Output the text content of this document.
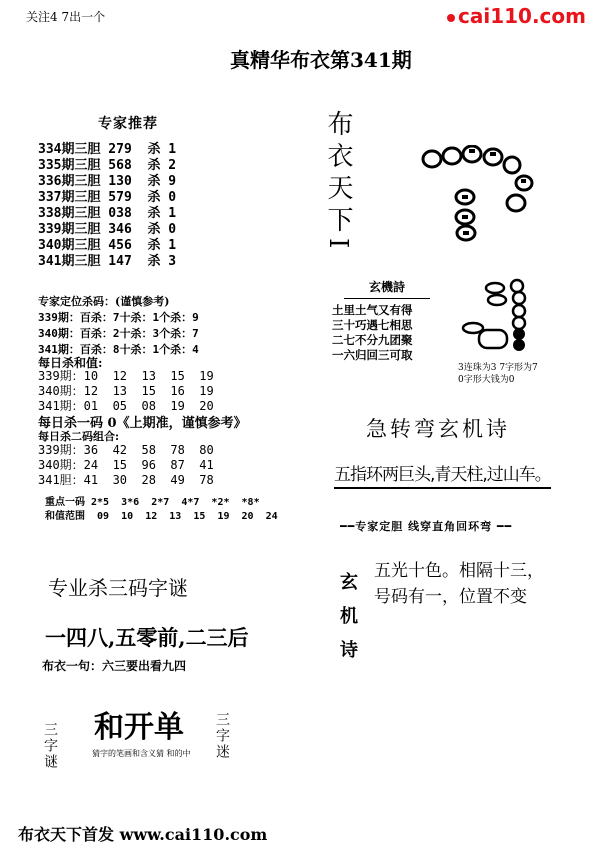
关注4 7出一个	cai110.com
真精华布衣第341期
专家推荐
334期三胆 279  杀 1
335期三胆 568  杀 2
336期三胆 130  杀 9
337期三胆 579  杀 0
338期三胆 038  杀 1
339期三胆 346  杀 0
340期三胆 456  杀 1
341期三胆 147  杀 3
专家定位杀码：(谨慎参考)
339期：百杀：7十杀：1个杀：9
340期：百杀：2十杀：3个杀：7
341期：百杀：8十杀：1个杀：4
每日杀和值:
339期：10  12  13  15  19
340期：12  13  15  16  19
341期：01  05  08  19  20
每日杀一码 0《上期准，谨慎参考》
每日杀二码组合:
339期：36  42  58  78  80
340期：24  15  96  87  41
341胆：41  30  28  49  78
重点一码 2*5  3*6  2*7  4*7  *2*  *8*
和值范围  09  10  12  13  15  19  20  24
专业杀三码字谜
一四八,五零前,二三后
布衣一句：六三要出看九四
三字谜 和开单 三字迷
猜字的笔画和含义猜 和的中
布衣天下I
玄機詩
土里土气又有得
三十巧遇七相思
二七不分九团聚
一六归回三可取
3连珠为3 7字形为7
0字形大钱为0
急转弯玄机诗
五指环两巨头,青天柱,过山车。
━━专家定胆 线穿直角回环弯 ━━
玄机诗
五光十色。相隔十三，
号码有一，位置不变
布衣天下首发 www.cai110.com
